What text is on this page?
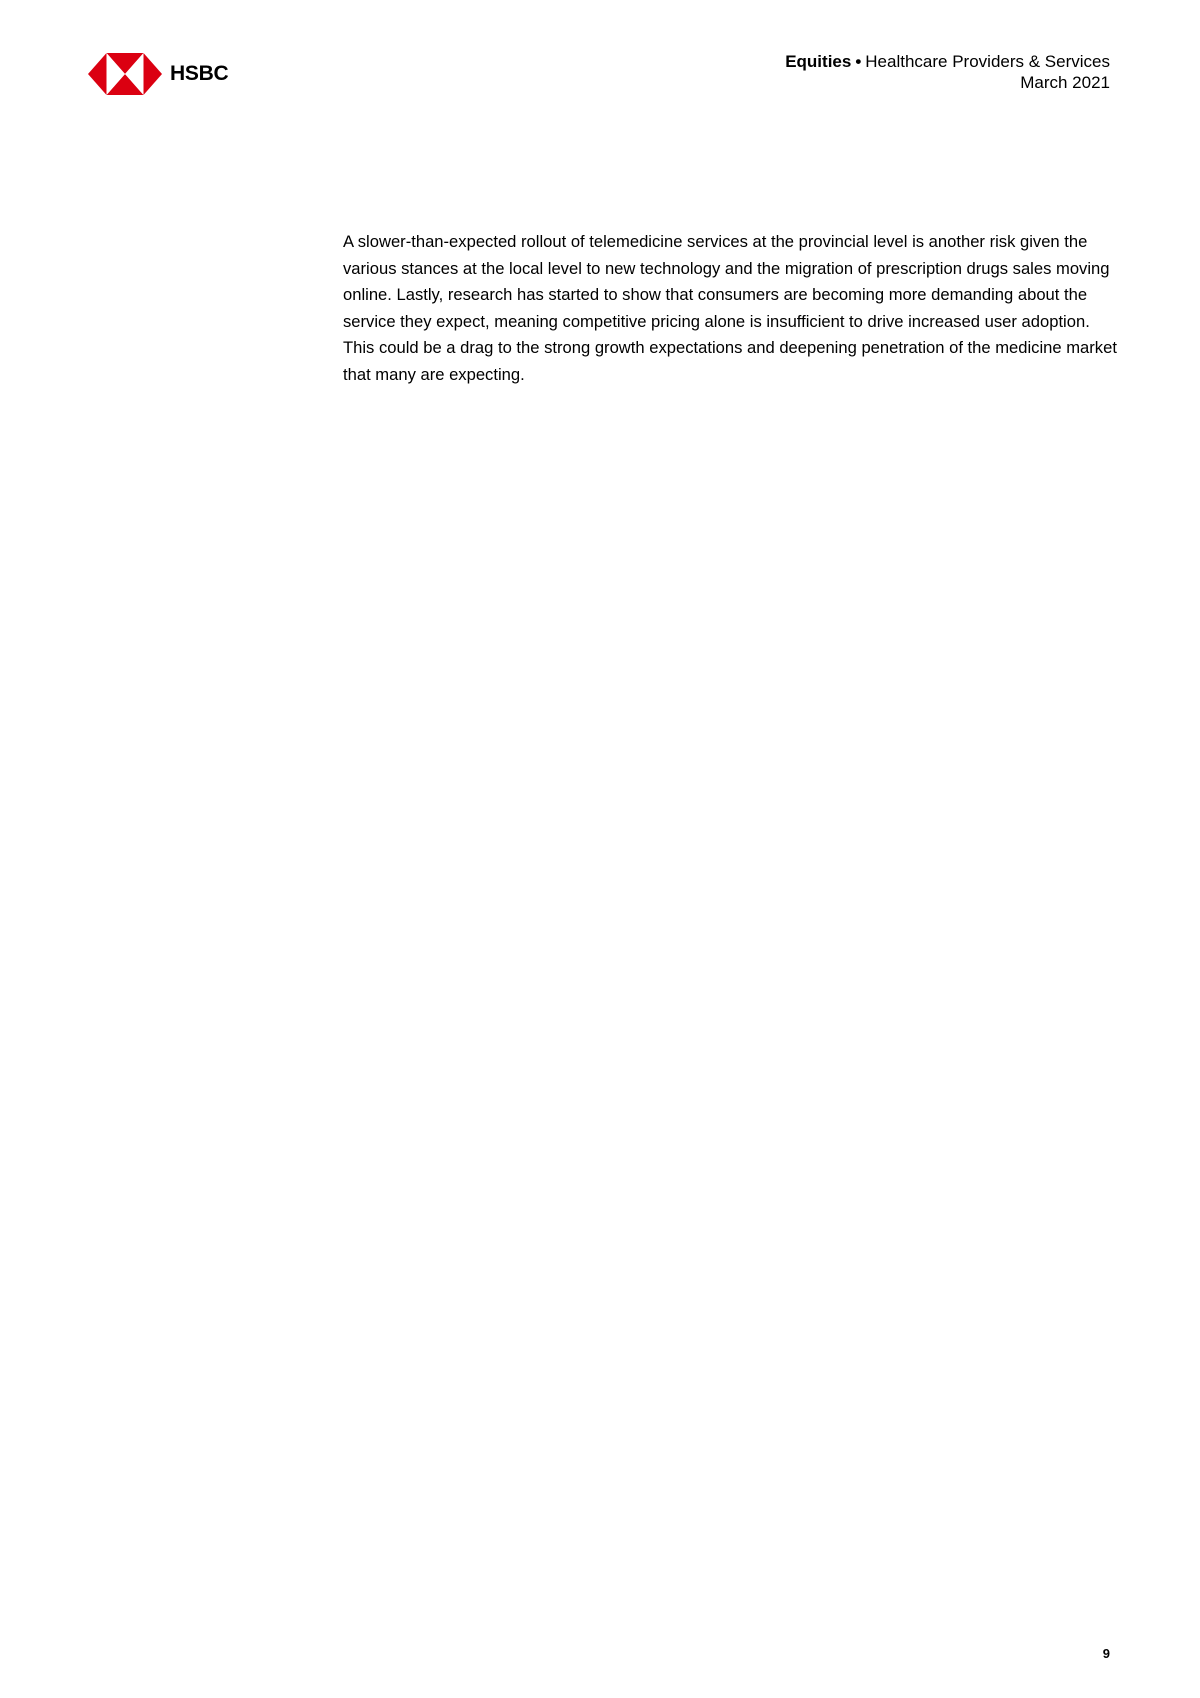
HSBC
Equities • Healthcare Providers & Services
March 2021

A slower-than-expected rollout of telemedicine services at the provincial level is another risk given the various stances at the local level to new technology and the migration of prescription drugs sales moving online. Lastly, research has started to show that consumers are becoming more demanding about the service they expect, meaning competitive pricing alone is insufficient to drive increased user adoption. This could be a drag to the strong growth expectations and deepening penetration of the medicine market that many are expecting.

9
